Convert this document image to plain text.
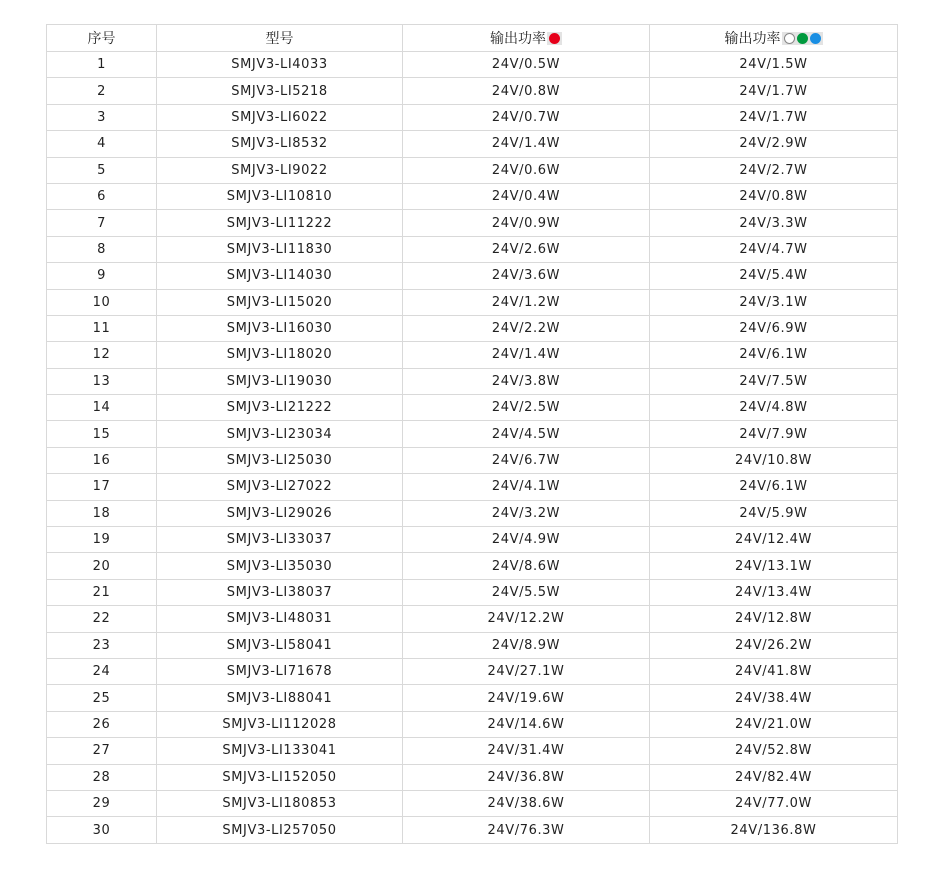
序号	型号	输出功率	输出功率

1	SMJV3-LI4033	24V/0.5W	24V/1.5W
2	SMJV3-LI5218	24V/0.8W	24V/1.7W
3	SMJV3-LI6022	24V/0.7W	24V/1.7W
4	SMJV3-LI8532	24V/1.4W	24V/2.9W
5	SMJV3-LI9022	24V/0.6W	24V/2.7W
6	SMJV3-LI10810	24V/0.4W	24V/0.8W
7	SMJV3-LI11222	24V/0.9W	24V/3.3W
8	SMJV3-LI11830	24V/2.6W	24V/4.7W
9	SMJV3-LI14030	24V/3.6W	24V/5.4W
10	SMJV3-LI15020	24V/1.2W	24V/3.1W
11	SMJV3-LI16030	24V/2.2W	24V/6.9W
12	SMJV3-LI18020	24V/1.4W	24V/6.1W
13	SMJV3-LI19030	24V/3.8W	24V/7.5W
14	SMJV3-LI21222	24V/2.5W	24V/4.8W
15	SMJV3-LI23034	24V/4.5W	24V/7.9W
16	SMJV3-LI25030	24V/6.7W	24V/10.8W
17	SMJV3-LI27022	24V/4.1W	24V/6.1W
18	SMJV3-LI29026	24V/3.2W	24V/5.9W
19	SMJV3-LI33037	24V/4.9W	24V/12.4W
20	SMJV3-LI35030	24V/8.6W	24V/13.1W
21	SMJV3-LI38037	24V/5.5W	24V/13.4W
22	SMJV3-LI48031	24V/12.2W	24V/12.8W
23	SMJV3-LI58041	24V/8.9W	24V/26.2W
24	SMJV3-LI71678	24V/27.1W	24V/41.8W
25	SMJV3-LI88041	24V/19.6W	24V/38.4W
26	SMJV3-LI112028	24V/14.6W	24V/21.0W
27	SMJV3-LI133041	24V/31.4W	24V/52.8W
28	SMJV3-LI152050	24V/36.8W	24V/82.4W
29	SMJV3-LI180853	24V/38.6W	24V/77.0W
30	SMJV3-LI257050	24V/76.3W	24V/136.8W
